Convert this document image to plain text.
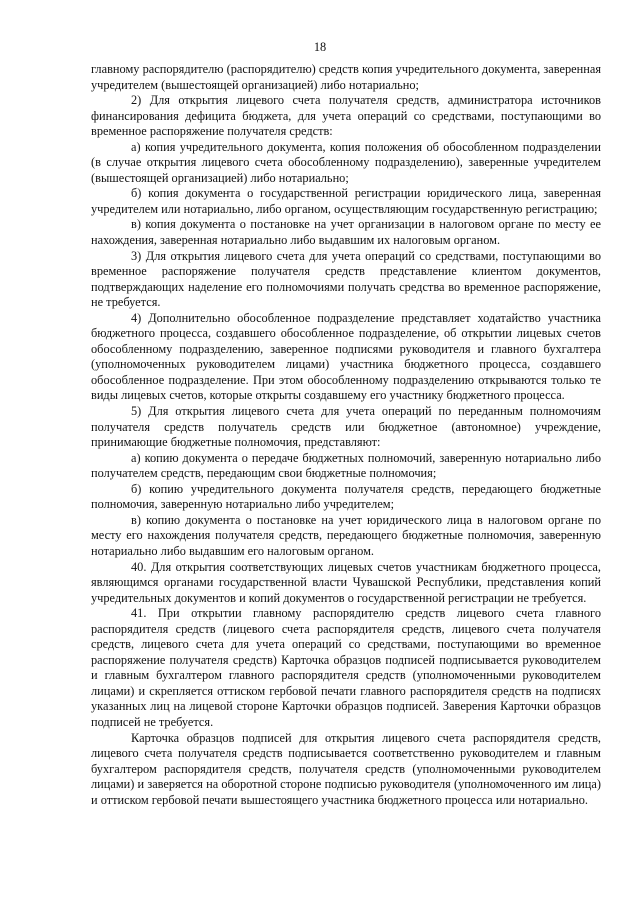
18

главному распорядителю (распорядителю) средств копия учредительного документа, заверенная учредителем (вышестоящей организацией) либо нотариально;

2) Для открытия лицевого счета получателя средств, администратора источников финансирования дефицита бюджета, для учета операций со средствами, поступающими во временное распоряжение получателя средств:

а) копия учредительного документа, копия положения об обособленном подразделении (в случае открытия лицевого счета обособленному подразделению), заверенные учредителем (вышестоящей организацией) либо нотариально;

б) копия документа о государственной регистрации юридического лица, заверенная учредителем или нотариально, либо органом, осуществляющим государственную регистрацию;

в) копия документа о постановке на учет организации в налоговом органе по месту ее нахождения, заверенная нотариально либо выдавшим их налоговым органом.

3) Для открытия лицевого счета для учета операций со средствами, поступающими во временное распоряжение получателя средств представление клиентом документов, подтверждающих наделение его полномочиями получать средства во временное распоряжение, не требуется.

4) Дополнительно обособленное подразделение представляет ходатайство участника бюджетного процесса, создавшего обособленное подразделение, об открытии лицевых счетов обособленному подразделению, заверенное подписями руководителя и главного бухгалтера (уполномоченных руководителем лицами) участника бюджетного процесса, создавшего обособленное подразделение. При этом обособленному подразделению открываются только те виды лицевых счетов, которые открыты создавшему его участнику бюджетного процесса.

5) Для открытия лицевого счета для учета операций по переданным полномочиям получателя средств получатель средств или бюджетное (автономное) учреждение, принимающие бюджетные полномочия, представляют:

а) копию документа о передаче бюджетных полномочий, заверенную нотариально либо получателем средств, передающим свои бюджетные полномочия;

б) копию учредительного документа получателя средств, передающего бюджетные полномочия, заверенную нотариально либо учредителем;

в) копию документа о постановке на учет юридического лица в налоговом органе по месту его нахождения получателя средств, передающего бюджетные полномочия, заверенную нотариально либо выдавшим его налоговым органом.

40. Для открытия соответствующих лицевых счетов участникам бюджетного процесса, являющимся органами государственной власти Чувашской Республики, представления копий учредительных документов и копий документов о государственной регистрации не требуется.

41. При открытии главному распорядителю средств лицевого счета главного распорядителя средств (лицевого счета распорядителя средств, лицевого счета получателя средств, лицевого счета для учета операций со средствами, поступающими во временное распоряжение получателя средств) Карточка образцов подписей подписывается руководителем и главным бухгалтером главного распорядителя средств (уполномоченными руководителем лицами) и скрепляется оттиском гербовой печати главного распорядителя средств на подписях указанных лиц на лицевой стороне Карточки образцов подписей. Заверения Карточки образцов подписей не требуется.

Карточка образцов подписей для открытия лицевого счета распорядителя средств, лицевого счета получателя средств подписывается соответственно руководителем и главным бухгалтером распорядителя средств, получателя средств (уполномоченными руководителем лицами) и заверяется на оборотной стороне подписью руководителя (уполномоченного им лица) и оттиском гербовой печати вышестоящего участника бюджетного процесса или нотариально.
